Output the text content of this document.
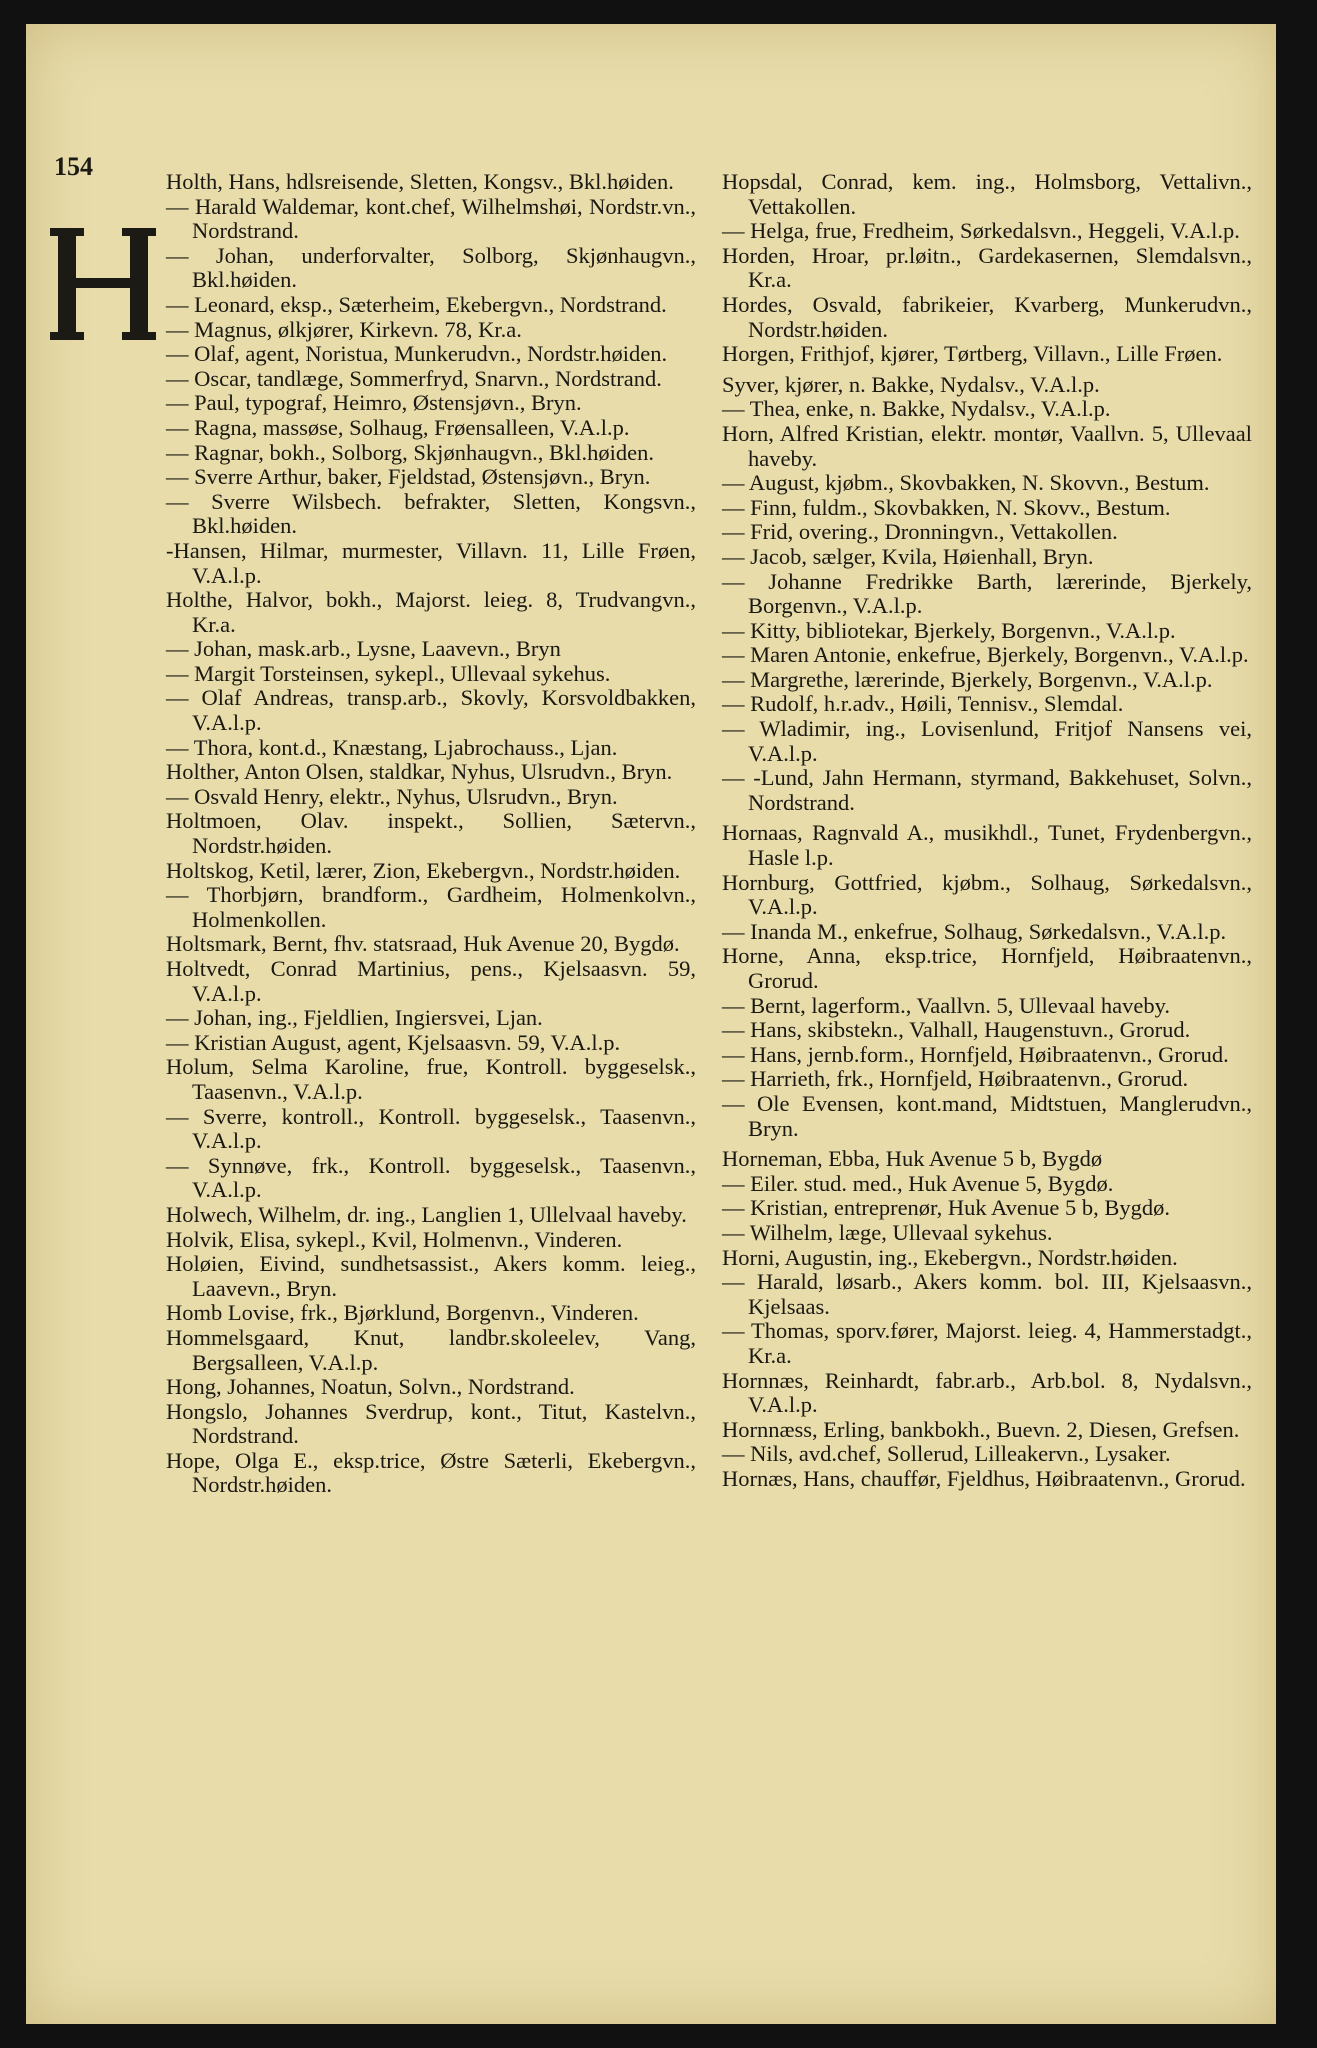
154

Holth, Hans, hdlsreisende, Sletten, Kongsv., Bkl.høiden.

— Harald Waldemar, kont.chef, Wilhelmshøi, Nordstr.vn., Nordstrand.

— Johan, underforvalter, Solborg, Skjønhaugvn., Bkl.høiden.

— Leonard, eksp., Sæterheim, Ekebergvn., Nordstrand.

— Magnus, ølkjører, Kirkevn. 78, Kr.a.

— Olaf, agent, Noristua, Munkerudvn., Nordstr.høiden.

— Oscar, tandlæge, Sommerfryd, Snarvn., Nordstrand.

— Paul, typograf, Heimro, Østensjøvn., Bryn.

— Ragna, massøse, Solhaug, Frøensalleen, V.A.l.p.

— Ragnar, bokh., Solborg, Skjønhaugvn., Bkl.høiden.

— Sverre Arthur, baker, Fjeldstad, Østensjøvn., Bryn.

— Sverre Wilsbech. befrakter, Sletten, Kongsvn., Bkl.høiden.

-Hansen, Hilmar, murmester, Villavn. 11, Lille Frøen, V.A.l.p.

Holthe, Halvor, bokh., Majorst. leieg. 8, Trudvangvn., Kr.a.

— Johan, mask.arb., Lysne, Laavevn., Bryn

— Margit Torsteinsen, sykepl., Ullevaal sykehus.

— Olaf Andreas, transp.arb., Skovly, Korsvoldbakken, V.A.l.p.

— Thora, kont.d., Knæstang, Ljabrochauss., Ljan.

Holther, Anton Olsen, staldkar, Nyhus, Ulsrudvn., Bryn.

— Osvald Henry, elektr., Nyhus, Ulsrudvn., Bryn.

Holtmoen, Olav. inspekt., Sollien, Sætervn., Nordstr.høiden.

Holtskog, Ketil, lærer, Zion, Ekebergvn., Nordstr.høiden.

— Thorbjørn, brandform., Gardheim, Holmenkolvn., Holmenkollen.

Holtsmark, Bernt, fhv. statsraad, Huk Avenue 20, Bygdø.

Holtvedt, Conrad Martinius, pens., Kjelsaasvn. 59, V.A.l.p.

— Johan, ing., Fjeldlien, Ingiersvei, Ljan.

— Kristian August, agent, Kjelsaasvn. 59, V.A.l.p.

Holum, Selma Karoline, frue, Kontroll. byggeselsk., Taasenvn., V.A.l.p.

— Sverre, kontroll., Kontroll. byggeselsk., Taasenvn., V.A.l.p.

— Synnøve, frk., Kontroll. byggeselsk., Taasenvn., V.A.l.p.

Holwech, Wilhelm, dr. ing., Langlien 1, Ullelvaal haveby.

Holvik, Elisa, sykepl., Kvil, Holmenvn., Vinderen.

Holøien, Eivind, sundhetsassist., Akers komm. leieg., Laavevn., Bryn.

Homb Lovise, frk., Bjørklund, Borgenvn., Vinderen.

Hommelsgaard, Knut, landbr.skoleelev, Vang, Bergsalleen, V.A.l.p.

Hong, Johannes, Noatun, Solvn., Nordstrand.

Hongslo, Johannes Sverdrup, kont., Titut, Kastelvn., Nordstrand.

Hope, Olga E., eksp.trice, Østre Sæterli, Ekebergvn., Nordstr.høiden.

Hopsdal, Conrad, kem. ing., Holmsborg, Vettalivn., Vettakollen.

— Helga, frue, Fredheim, Sørkedalsvn., Heggeli, V.A.l.p.

Horden, Hroar, pr.løitn., Gardekasernen, Slemdalsvn., Kr.a.

Hordes, Osvald, fabrikeier, Kvarberg, Munkerudvn., Nordstr.høiden.

Horgen, Frithjof, kjører, Tørtberg, Villavn., Lille Frøen.

Syver, kjører, n. Bakke, Nydalsv., V.A.l.p.

— Thea, enke, n. Bakke, Nydalsv., V.A.l.p.

Horn, Alfred Kristian, elektr. montør, Vaallvn. 5, Ullevaal haveby.

— August, kjøbm., Skovbakken, N. Skovvn., Bestum.

— Finn, fuldm., Skovbakken, N. Skovv., Bestum.

— Frid, overing., Dronningvn., Vettakollen.

— Jacob, sælger, Kvila, Høienhall, Bryn.

— Johanne Fredrikke Barth, lærerinde, Bjerkely, Borgenvn., V.A.l.p.

— Kitty, bibliotekar, Bjerkely, Borgenvn., V.A.l.p.

— Maren Antonie, enkefrue, Bjerkely, Borgenvn., V.A.l.p.

— Margrethe, lærerinde, Bjerkely, Borgenvn., V.A.l.p.

— Rudolf, h.r.adv., Høili, Tennisv., Slemdal.

— Wladimir, ing., Lovisenlund, Fritjof Nansens vei, V.A.l.p.

— -Lund, Jahn Hermann, styrmand, Bakkehuset, Solvn., Nordstrand.

Hornaas, Ragnvald A., musikhdl., Tunet, Frydenbergvn., Hasle l.p.

Hornburg, Gottfried, kjøbm., Solhaug, Sørkedalsvn., V.A.l.p.

— Inanda M., enkefrue, Solhaug, Sørkedalsvn., V.A.l.p.

Horne, Anna, eksp.trice, Hornfjeld, Høibraatenvn., Grorud.

— Bernt, lagerform., Vaallvn. 5, Ullevaal haveby.

— Hans, skibstekn., Valhall, Haugenstuvn., Grorud.

— Hans, jernb.form., Hornfjeld, Høibraatenvn., Grorud.

— Harrieth, frk., Hornfjeld, Høibraatenvn., Grorud.

— Ole Evensen, kont.mand, Midtstuen, Manglerudvn., Bryn.

Horneman, Ebba, Huk Avenue 5 b, Bygdø

— Eiler. stud. med., Huk Avenue 5, Bygdø.

— Kristian, entreprenør, Huk Avenue 5 b, Bygdø.

— Wilhelm, læge, Ullevaal sykehus.

Horni, Augustin, ing., Ekebergvn., Nordstr.høiden.

— Harald, løsarb., Akers komm. bol. III, Kjelsaasvn., Kjelsaas.

— Thomas, sporv.fører, Majorst. leieg. 4, Hammerstadgt., Kr.a.

Hornnæs, Reinhardt, fabr.arb., Arb.bol. 8, Nydalsvn., V.A.l.p.

Hornnæss, Erling, bankbokh., Buevn. 2, Diesen, Grefsen.

— Nils, avd.chef, Sollerud, Lilleakervn., Lysaker.

Hornæs, Hans, chauffør, Fjeldhus, Høibraatenvn., Grorud.
